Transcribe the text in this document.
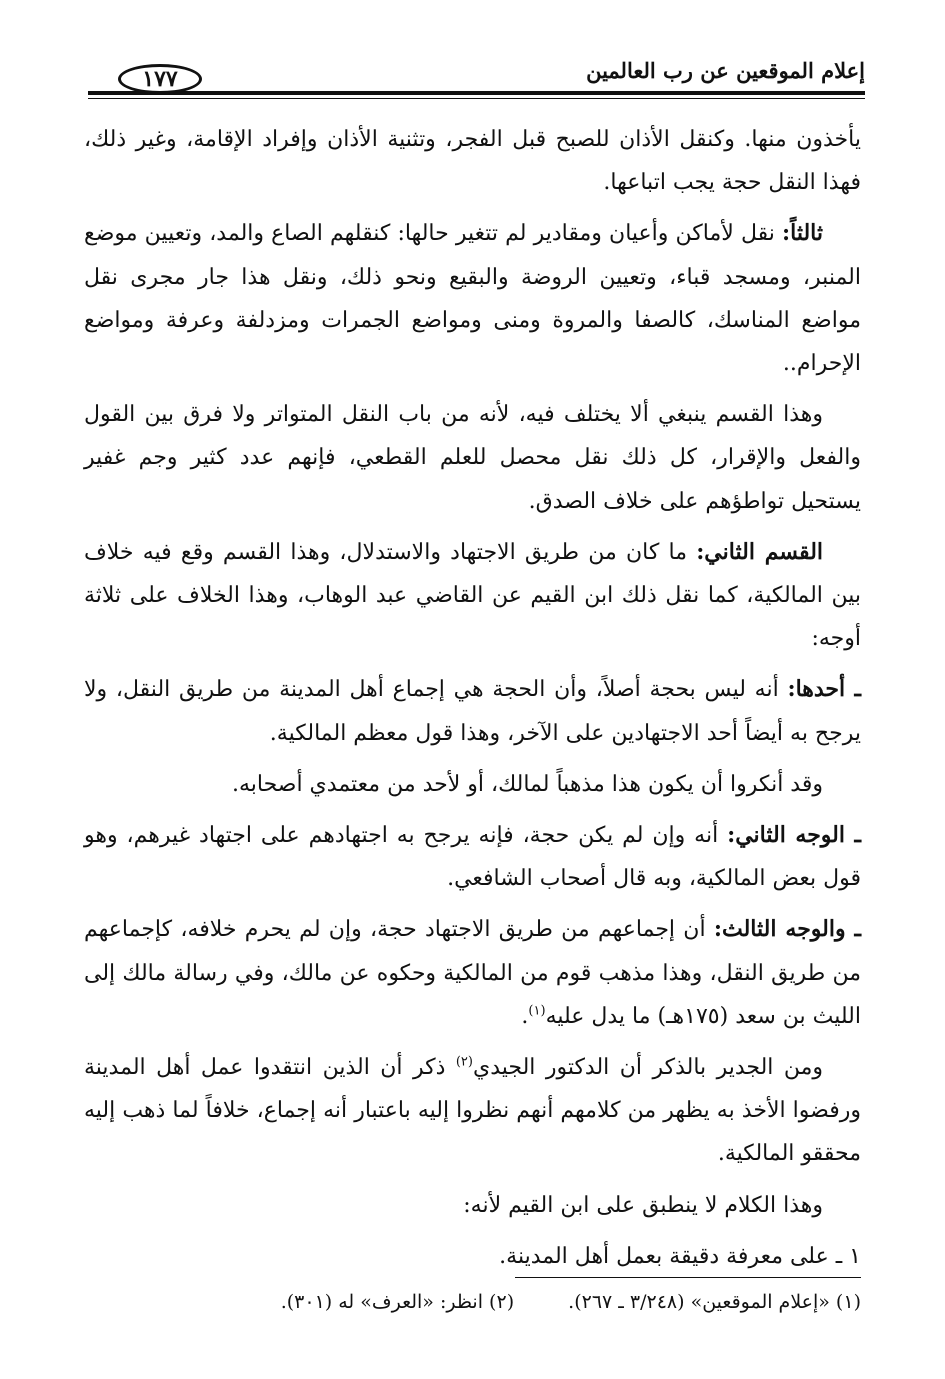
إعلام الموقعين عن رب العالمين
١٧٧

يأخذون منها. وكنقل الأذان للصبح قبل الفجر، وتثنية الأذان وإفراد الإقامة، وغير ذلك، فهذا النقل حجة يجب اتباعها.

ثالثاً: نقل لأماكن وأعيان ومقادير لم تتغير حالها: كنقلهم الصاع والمد، وتعيين موضع المنبر، ومسجد قباء، وتعيين الروضة والبقيع ونحو ذلك، ونقل هذا جار مجرى نقل مواضع المناسك، كالصفا والمروة ومنى ومواضع الجمرات ومزدلفة وعرفة ومواضع الإحرام..

وهذا القسم ينبغي ألا يختلف فيه، لأنه من باب النقل المتواتر ولا فرق بين القول والفعل والإقرار، كل ذلك نقل محصل للعلم القطعي، فإنهم عدد كثير وجم غفير يستحيل تواطؤهم على خلاف الصدق.

القسم الثاني: ما كان من طريق الاجتهاد والاستدلال، وهذا القسم وقع فيه خلاف بين المالكية، كما نقل ذلك ابن القيم عن القاضي عبد الوهاب، وهذا الخلاف على ثلاثة أوجه:

ـ أحدها: أنه ليس بحجة أصلاً، وأن الحجة هي إجماع أهل المدينة من طريق النقل، ولا يرجح به أيضاً أحد الاجتهادين على الآخر، وهذا قول معظم المالكية.

وقد أنكروا أن يكون هذا مذهباً لمالك، أو لأحد من معتمدي أصحابه.

ـ الوجه الثاني: أنه وإن لم يكن حجة، فإنه يرجح به اجتهادهم على اجتهاد غيرهم، وهو قول بعض المالكية، وبه قال أصحاب الشافعي.

ـ والوجه الثالث: أن إجماعهم من طريق الاجتهاد حجة، وإن لم يحرم خلافه، كإجماعهم من طريق النقل، وهذا مذهب قوم من المالكية وحكوه عن مالك، وفي رسالة مالك إلى الليث بن سعد (١٧٥هـ) ما يدل عليه$^{(١)}$.

ومن الجدير بالذكر أن الدكتور الجيدي$^{(٢)}$ ذكر أن الذين انتقدوا عمل أهل المدينة ورفضوا الأخذ به يظهر من كلامهم أنهم نظروا إليه باعتبار أنه إجماع، خلافاً لما ذهب إليه محققو المالكية.

وهذا الكلام لا ينطبق على ابن القيم لأنه:

١ ـ على معرفة دقيقة بعمل أهل المدينة.

(١) «إعلام الموقعين» (٣/٢٤٨ ـ ٢٦٧). (٢) انظر: «العرف» له (٣٠١).
